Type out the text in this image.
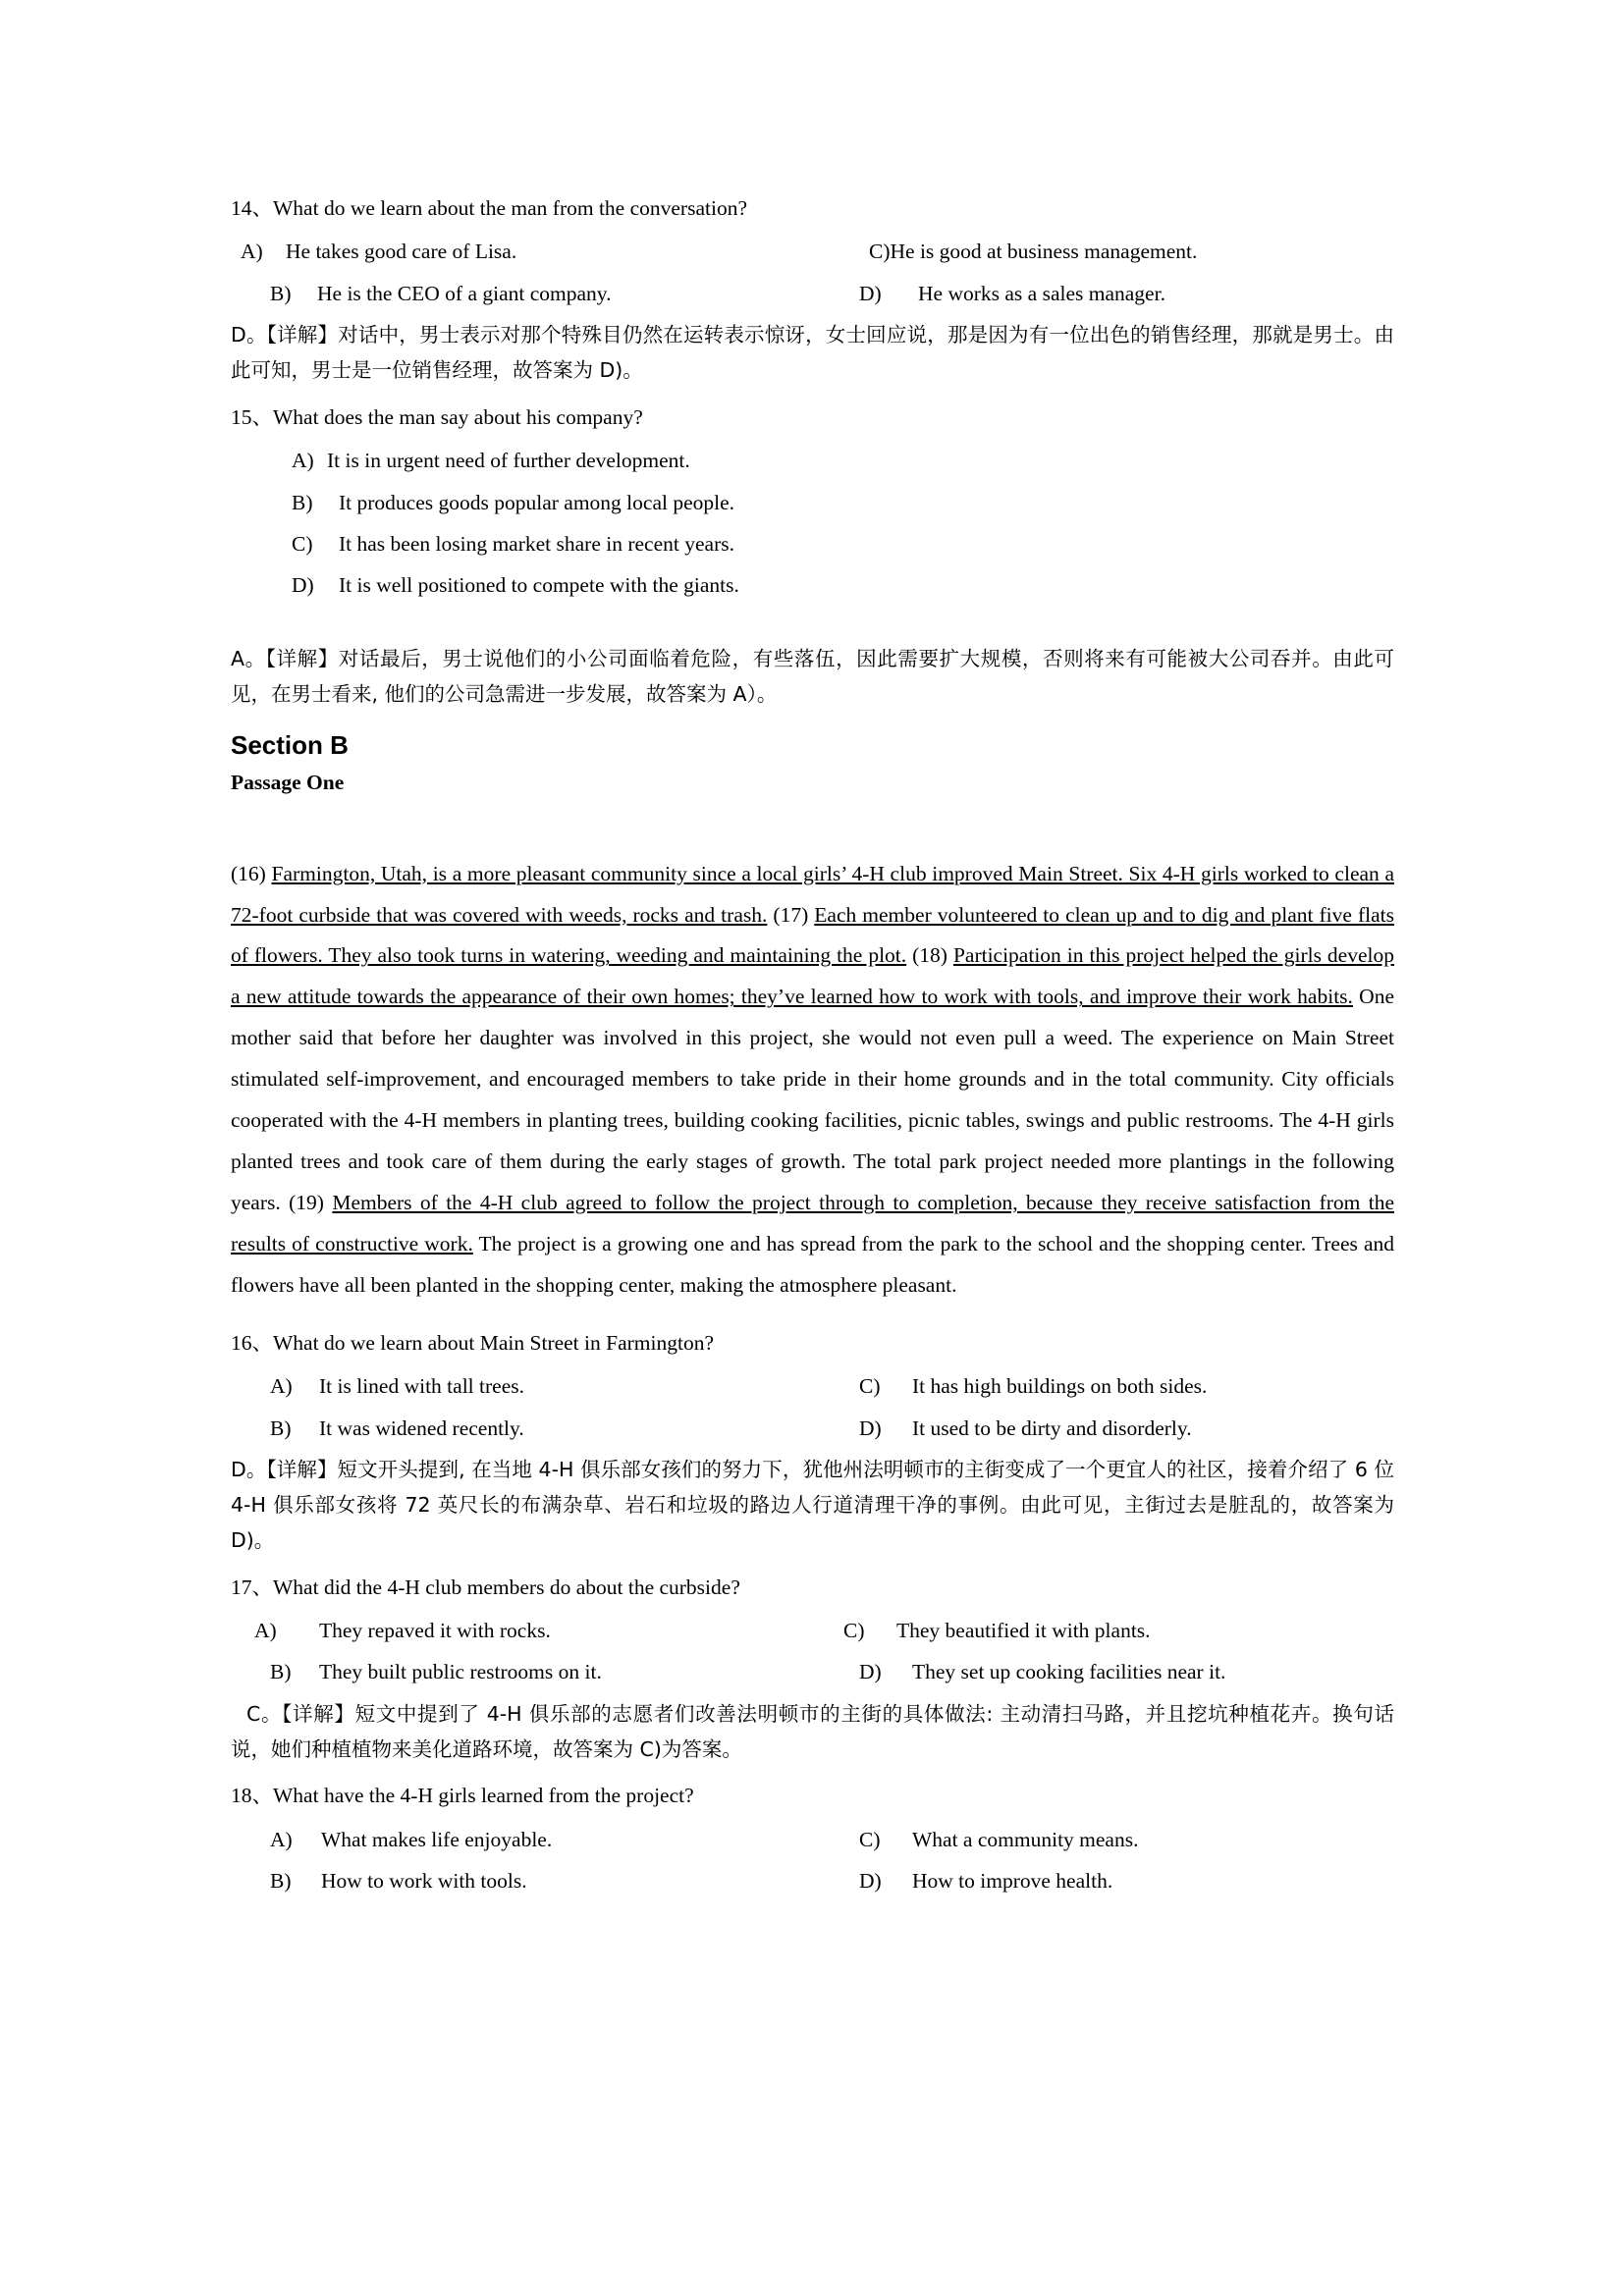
14、What do we learn about the man from the conversation?

A)	He takes good care of Lisa.	C) He is good at business management.
B)	He is the CEO of a giant company.	D)	He works as a sales manager.

D。【详解】对话中，男士表示对那个特殊目仍然在运转表示惊讶，女士回应说，那是因为有一位出色的销售经理，那就是男士。由此可知，男士是一位销售经理，故答案为 D)。

15、What does the man say about his company?

A) It is in urgent need of further development.
B)	It produces goods popular among local people.
C)	It has been losing market share in recent years.
D)	It is well positioned to compete with the giants.

A。【详解】对话最后，男士说他们的小公司面临着危险，有些落伍，因此需要扩大规模，否则将来有可能被大公司吞并。由此可见，在男士看来, 他们的公司急需进一步发展，故答案为 A）。

Section B
Passage One

(16) Farmington, Utah, is a more pleasant community since a local girls’ 4-H club improved Main Street. Six 4-H girls worked to clean a 72-foot curbside that was covered with weeds, rocks and trash. (17) Each member volunteered to clean up and to dig and plant five flats of flowers. They also took turns in watering, weeding and maintaining the plot. (18) Participation in this project helped the girls develop a new attitude towards the appearance of their own homes; they’ve learned how to work with tools, and improve their work habits. One mother said that before her daughter was involved in this project, she would not even pull a weed. The experience on Main Street stimulated self-improvement, and encouraged members to take pride in their home grounds and in the total community. City officials cooperated with the 4-H members in planting trees, building cooking facilities, picnic tables, swings and public restrooms. The 4-H girls planted trees and took care of them during the early stages of growth. The total park project needed more plantings in the following years. (19) Members of the 4-H club agreed to follow the project through to completion, because they receive satisfaction from the results of constructive work. The project is a growing one and has spread from the park to the school and the shopping center. Trees and flowers have all been planted in the shopping center, making the atmosphere pleasant.

16、What do we learn about Main Street in Farmington?

A)	It is lined with tall trees.	C)	It has high buildings on both sides.
B)	It was widened recently.	D)	It used to be dirty and disorderly.

D。【详解】短文开头提到, 在当地 4-H 俱乐部女孩们的努力下，犹他州法明顿市的主街变成了一个更宜人的社区，接着介绍了 6 位 4-H 俱乐部女孩将 72 英尺长的布满杂草、岩石和垃圾的路边人行道清理干净的事例。由此可见，主街过去是脏乱的，故答案为 D)。

17、What did the 4-H club members do about the curbside?

A)	They repaved it with rocks.	C)	They beautified it with plants.
B)	They built public restrooms on it.	D)	They set up cooking facilities near it.

C。【详解】短文中提到了 4-H 俱乐部的志愿者们改善法明顿市的主街的具体做法: 主动清扫马路，并且挖坑种植花卉。换句话说，她们种植植物来美化道路环境，故答案为 C)为答案。

18、What have the 4-H girls learned from the project?

A)	What makes life enjoyable.	C)	What a community means.
B)	How to work with tools.	D)	How to improve health.
